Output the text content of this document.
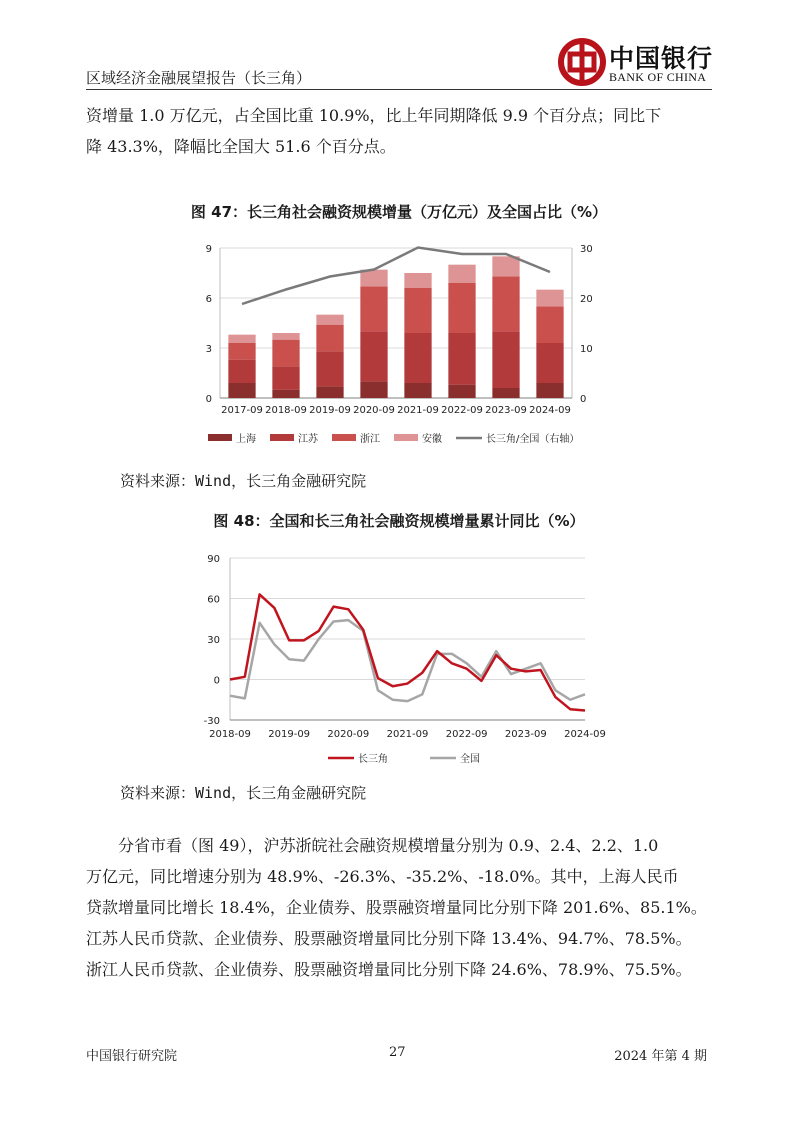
区域经济金融展望报告（长三角）
中国银行
BANK OF CHINA
资增量 1.0 万亿元，占全国比重 10.9%，比上年同期降低 9.9 个百分点；同比下
降 43.3%，降幅比全国大 51.6 个百分点。
图 47：长三角社会融资规模增量（万亿元）及全国占比（%）
0
3
6
9
0
10
20
30
2017-09 2018-09 2019-09 2020-09 2021-09 2022-09 2023-09 2024-09
上海	江苏	浙江	安徽	长三角/全国（右轴）
资料来源：Wind，长三角金融研究院
图 48：全国和长三角社会融资规模增量累计同比（%）
-30
0
30
60
90
2018-09 2019-09 2020-09 2021-09 2022-09 2023-09 2024-09
长三角	全国
资料来源：Wind，长三角金融研究院
分省市看（图 49），沪苏浙皖社会融资规模增量分别为 0.9、2.4、2.2、1.0
万亿元，同比增速分别为 48.9%、-26.3%、-35.2%、-18.0%。其中，上海人民币
贷款增量同比增长 18.4%，企业债券、股票融资增量同比分别下降 201.6%、85.1%。
江苏人民币贷款、企业债券、股票融资增量同比分别下降 13.4%、94.7%、78.5%。
浙江人民币贷款、企业债券、股票融资增量同比分别下降 24.6%、78.9%、75.5%。
中国银行研究院	27	2024 年第 4 期
